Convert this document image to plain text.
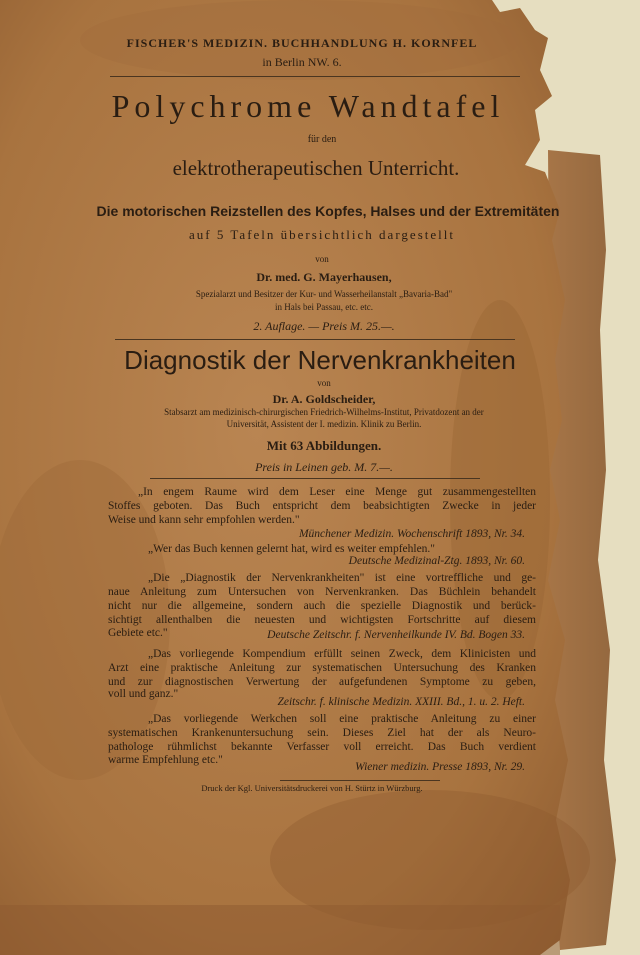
FISCHER'S MEDIZIN. BUCHHANDLUNG H. KORNFEL
in Berlin NW. 6.
Polychrome Wandtafel
für den
elektrotherapeutischen Unterricht.
Die motorischen Reizstellen des Kopfes, Halses und der Extremitäten
auf 5 Tafeln übersichtlich dargestellt
von
Dr. med. G. Mayerhausen,
Spezialarzt und Besitzer der Kur- und Wasserheilanstalt „Bavaria-Bad"
in Hals bei Passau, etc. etc.
2. Auflage. — Preis M. 25.—.
Diagnostik der Nervenkrankheiten
von
Dr. A. Goldscheider,
Stabsarzt am medizinisch-chirurgischen Friedrich-Wilhelms-Institut, Privatdozent an der
Universität, Assistent der I. medizin. Klinik zu Berlin.
Mit 63 Abbildungen.
Preis in Leinen geb. M. 7.—.
„In engem Raume wird dem Leser eine Menge gut zusammengestellten
Stoffes geboten. Das Buch entspricht dem beabsichtigten Zwecke in jeder
Weise und kann sehr empfohlen werden."
Münchener Medizin. Wochenschrift 1893, Nr. 34.
„Wer das Buch kennen gelernt hat, wird es weiter empfehlen."
Deutsche Medizinal-Ztg. 1893, Nr. 60.
„Die „Diagnostik der Nervenkrankheiten" ist eine vortreffliche und ge-
naue Anleitung zum Untersuchen von Nervenkranken. Das Büchlein behandelt
nicht nur die allgemeine, sondern auch die spezielle Diagnostik und berück-
sichtigt allenthalben die neuesten und wichtigsten Fortschritte auf diesem
Gebiete etc."	Deutsche Zeitschr. f. Nervenheilkunde IV. Bd. Bogen 33.
„Das vorliegende Kompendium erfüllt seinen Zweck, dem Klinicisten und
Arzt eine praktische Anleitung zur systematischen Untersuchung des Kranken
und zur diagnostischen Verwertung der aufgefundenen Symptome zu geben,
voll und ganz."
Zeitschr. f. klinische Medizin. XXIII. Bd., 1. u. 2. Heft.
„Das vorliegende Werkchen soll eine praktische Anleitung zu einer
systematischen Krankenuntersuchung sein. Dieses Ziel hat der als Neuro-
pathologe rühmlichst bekannte Verfasser voll erreicht. Das Buch verdient
warme Empfehlung etc."
Wiener medizin. Presse 1893, Nr. 29.
Druck der Kgl. Universitätsdruckerei von H. Stürtz in Würzburg.
